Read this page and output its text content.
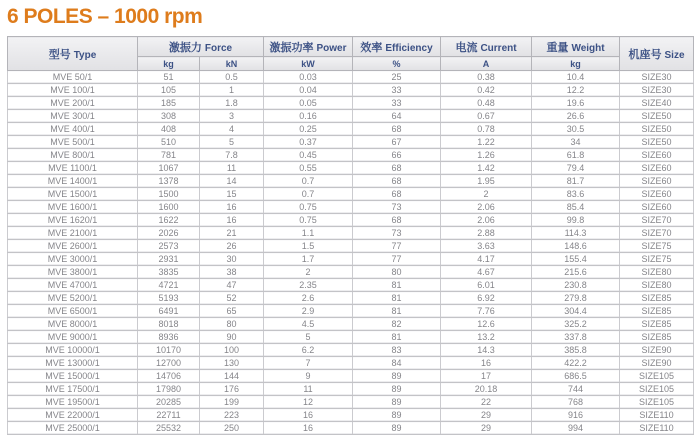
6 POLES – 1000 rpm
型号 Type	激振力 Force		激振功率 Power	效率 Efficiency	电流 Current	重量 Weight	机座号 Size
	kg	kN	kW	%	A	kg	
MVE 50/1	51	0.5	0.03	25	0.38	10.4	SIZE30
MVE 100/1	105	1	0.04	33	0.42	12.2	SIZE30
MVE 200/1	185	1.8	0.05	33	0.48	19.6	SIZE40
MVE 300/1	308	3	0.16	64	0.67	26.6	SIZE50
MVE 400/1	408	4	0.25	68	0.78	30.5	SIZE50
MVE 500/1	510	5	0.37	67	1.22	34	SIZE50
MVE 800/1	781	7.8	0.45	66	1.26	61.8	SIZE60
MVE 1100/1	1067	11	0.55	68	1.42	79.4	SIZE60
MVE 1400/1	1378	14	0.7	68	1.95	81.7	SIZE60
MVE 1500/1	1500	15	0.7	68	2	83.6	SIZE60
MVE 1600/1	1600	16	0.75	73	2.06	85.4	SIZE60
MVE 1620/1	1622	16	0.75	68	2.06	99.8	SIZE70
MVE 2100/1	2026	21	1.1	73	2.88	114.3	SIZE70
MVE 2600/1	2573	26	1.5	77	3.63	148.6	SIZE75
MVE 3000/1	2931	30	1.7	77	4.17	155.4	SIZE75
MVE 3800/1	3835	38	2	80	4.67	215.6	SIZE80
MVE 4700/1	4721	47	2.35	81	6.01	230.8	SIZE80
MVE 5200/1	5193	52	2.6	81	6.92	279.8	SIZE85
MVE 6500/1	6491	65	2.9	81	7.76	304.4	SIZE85
MVE 8000/1	8018	80	4.5	82	12.6	325.2	SIZE85
MVE 9000/1	8936	90	5	81	13.2	337.8	SIZE85
MVE 10000/1	10170	100	6.2	83	14.3	385.8	SIZE90
MVE 13000/1	12700	130	7	84	16	422.2	SIZE90
MVE 15000/1	14706	144	9	89	17	686.5	SIZE105
MVE 17500/1	17980	176	11	89	20.18	744	SIZE105
MVE 19500/1	20285	199	12	89	22	768	SIZE105
MVE 22000/1	22711	223	16	89	29	916	SIZE110
MVE 25000/1	25532	250	16	89	29	994	SIZE110
